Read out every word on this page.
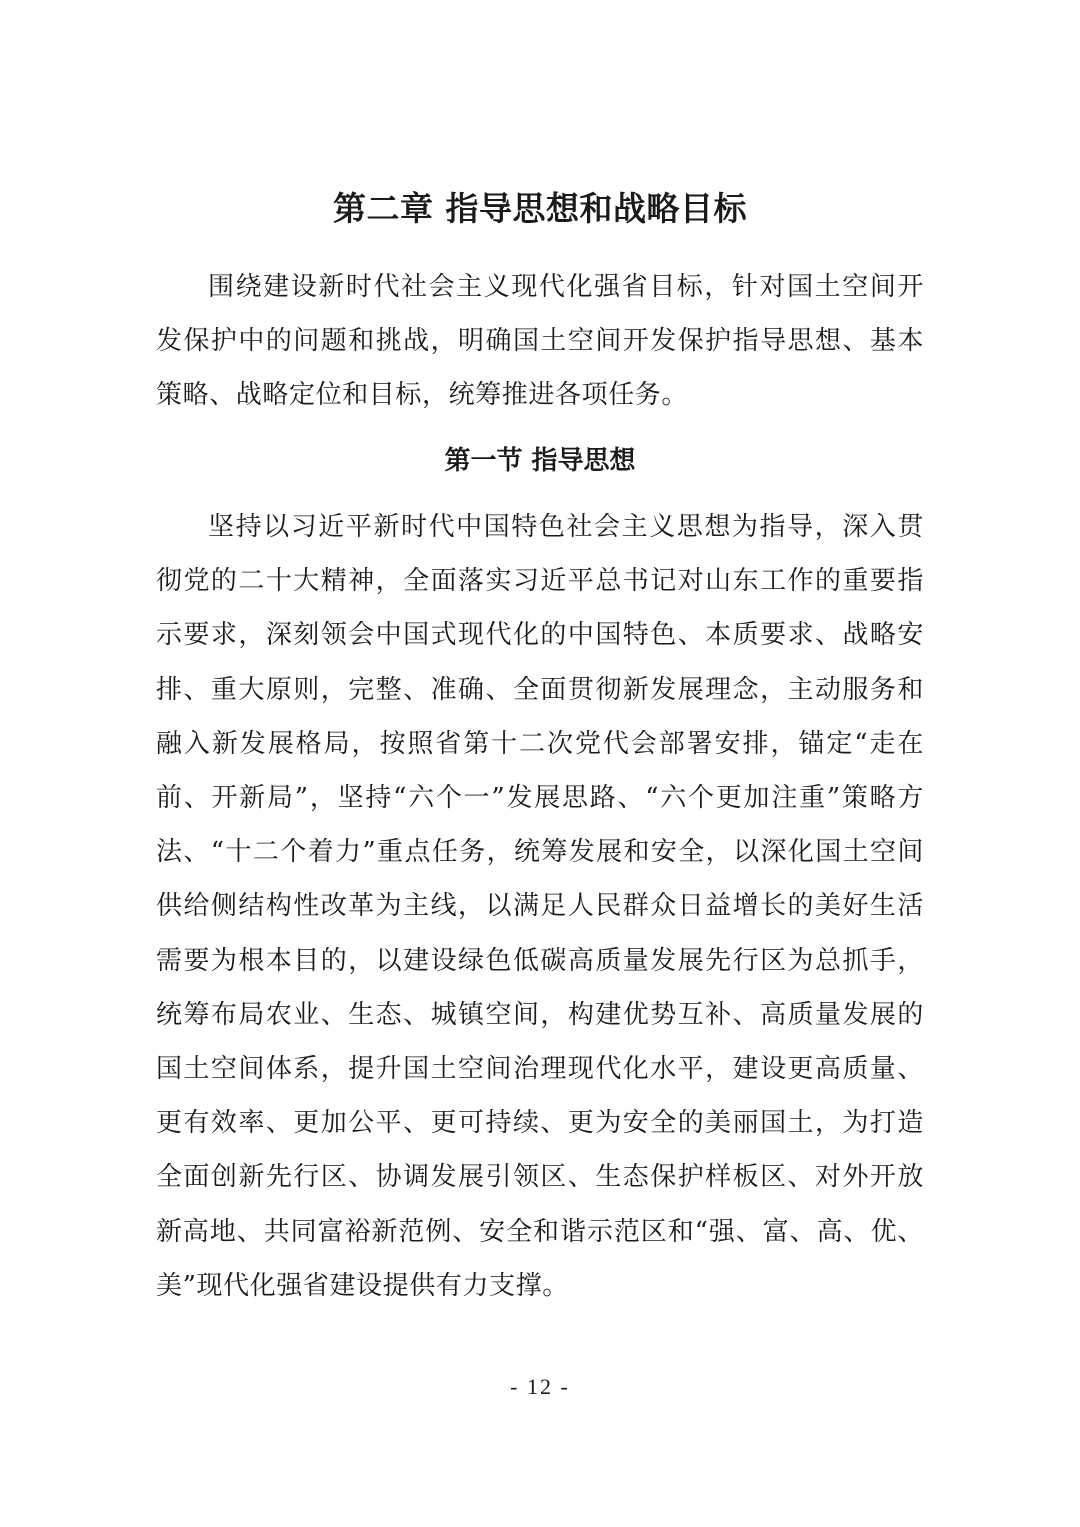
第二章 指导思想和战略目标

围绕建设新时代社会主义现代化强省目标，针对国土空间开发保护中的问题和挑战，明确国土空间开发保护指导思想、基本策略、战略定位和目标，统筹推进各项任务。

第一节 指导思想

坚持以习近平新时代中国特色社会主义思想为指导，深入贯彻党的二十大精神，全面落实习近平总书记对山东工作的重要指示要求，深刻领会中国式现代化的中国特色、本质要求、战略安排、重大原则，完整、准确、全面贯彻新发展理念，主动服务和融入新发展格局，按照省第十二次党代会部署安排，锚定“走在前、开新局”，坚持“六个一”发展思路、“六个更加注重”策略方法、“十二个着力”重点任务，统筹发展和安全，以深化国土空间供给侧结构性改革为主线，以满足人民群众日益增长的美好生活需要为根本目的，以建设绿色低碳高质量发展先行区为总抓手，统筹布局农业、生态、城镇空间，构建优势互补、高质量发展的国土空间体系，提升国土空间治理现代化水平，建设更高质量、更有效率、更加公平、更可持续、更为安全的美丽国土，为打造全面创新先行区、协调发展引领区、生态保护样板区、对外开放新高地、共同富裕新范例、安全和谐示范区和“强、富、高、优、美”现代化强省建设提供有力支撑。

- 12 -
